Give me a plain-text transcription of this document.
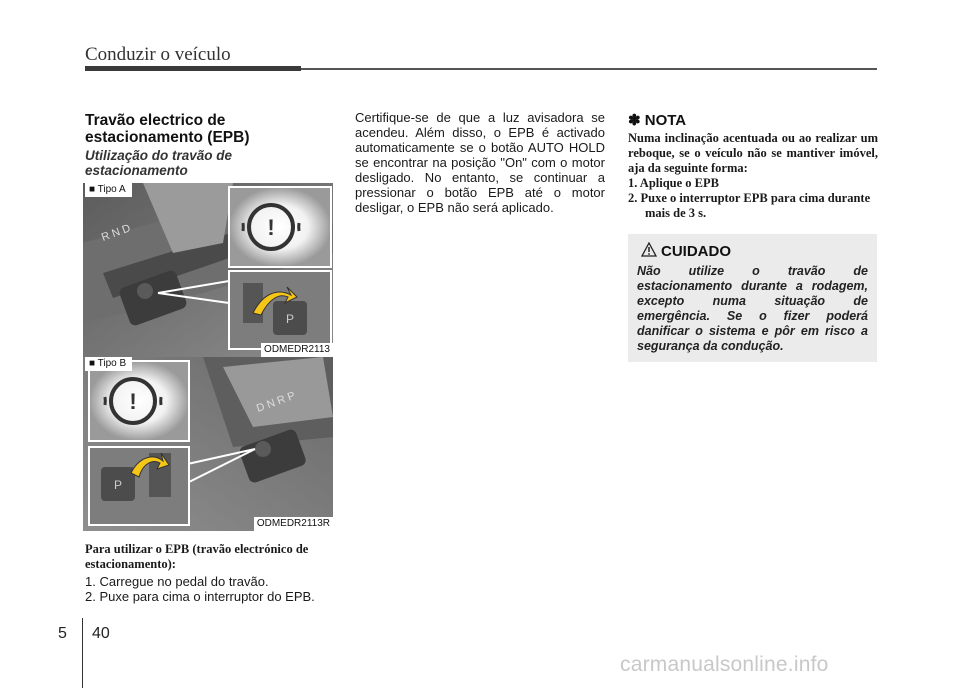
Conduzir o veículo
Travão electrico de estacionamento (EPB)
Utilização do travão de estacionamento
R N D	!
P
■ Tipo A
ODMEDR2113
D N R P
!
P
■ Tipo B
ODMEDR2113R
Para utilizar o EPB (travão electrónico de estacionamento):
1. Carregue no pedal do travão.
2. Puxe para cima o interruptor do EPB.
Certifique-se de que a luz avisadora se acendeu. Além disso, o EPB é activado automaticamente se o botão AUTO HOLD se encontrar na posição "On" com o motor desligado. No entanto, se continuar a pressionar o botão EPB até o motor desligar, o EPB não será aplicado.
✽ NOTA
Numa inclinação acentuada ou ao realizar um reboque, se o veículo não se mantiver imóvel, aja da seguinte forma:
1. Aplique o EPB
2. Puxe o interruptor EPB para cima durante mais de 3 s.
CUIDADO
Não utilize o travão de estacionamento durante a rodagem, excepto numa situação de emergência. Se o fizer poderá danificar o sistema e pôr em risco a segurança da condução.
5 40
carmanualsonline.info
